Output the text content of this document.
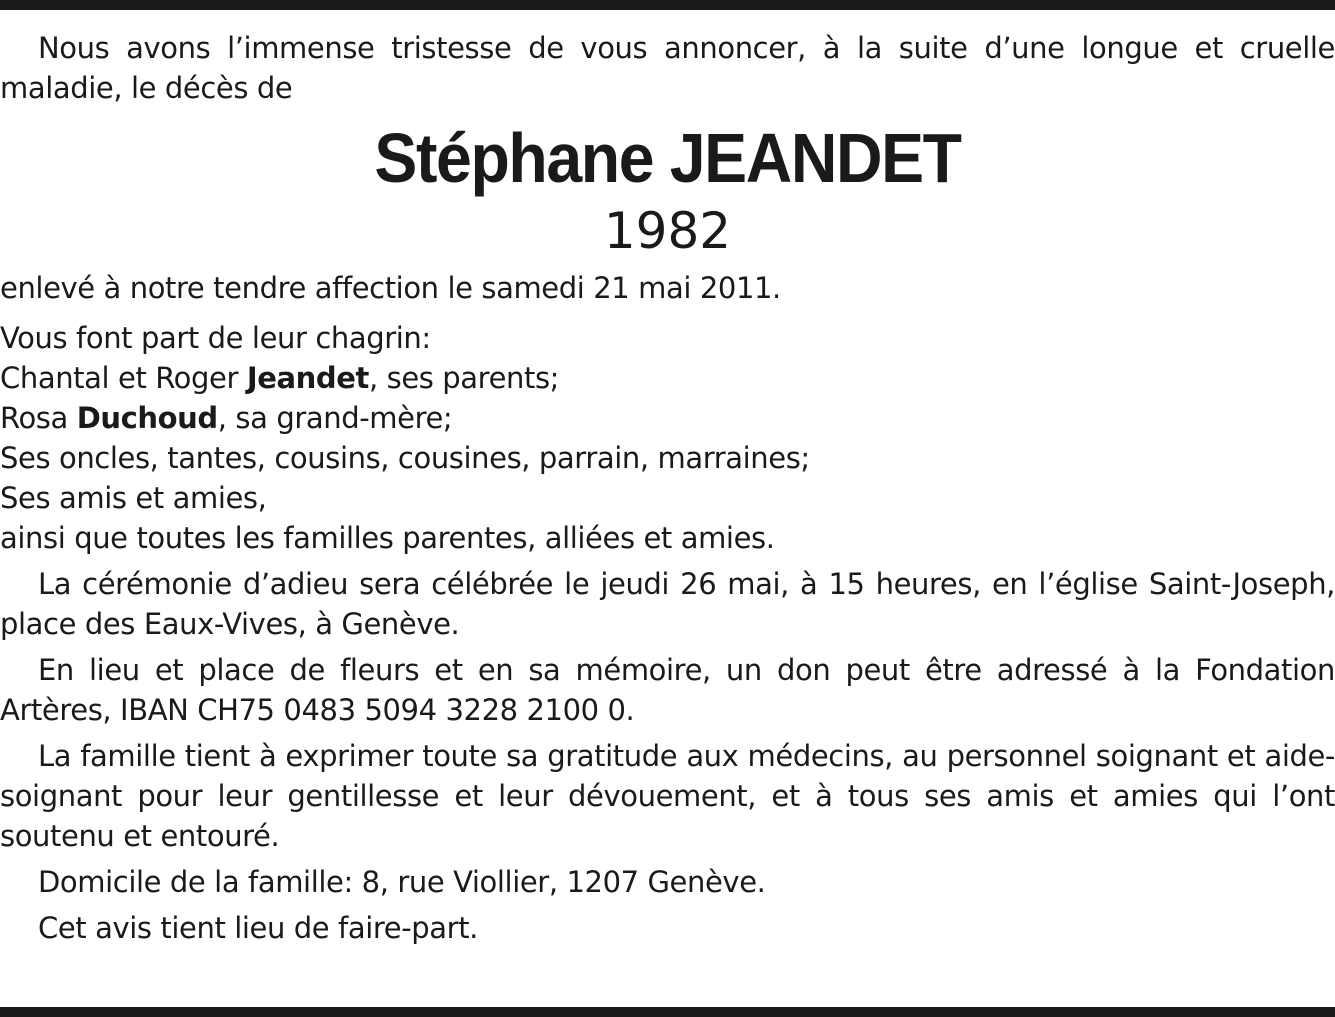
Nous avons l’immense tristesse de vous annoncer, à la suite d’une longue et cruelle maladie, le décès de

Stéphane JEANDET

1982

enlevé à notre tendre affection le samedi 21 mai 2011.

Vous font part de leur chagrin:

Chantal et Roger Jeandet, ses parents;

Rosa Duchoud, sa grand-mère;

Ses oncles, tantes, cousins, cousines, parrain, marraines;

Ses amis et amies,

ainsi que toutes les familles parentes, alliées et amies.

La cérémonie d’adieu sera célébrée le jeudi 26 mai, à 15 heures, en l’église Saint-Joseph, place des Eaux-Vives, à Genève.

En lieu et place de fleurs et en sa mémoire, un don peut être adressé à la Fondation Artères, IBAN CH75 0483 5094 3228 2100 0.

La famille tient à exprimer toute sa gratitude aux médecins, au personnel soignant et aide-soignant pour leur gentillesse et leur dévouement, et à tous ses amis et amies qui l’ont soutenu et entouré.

Domicile de la famille: 8, rue Viollier, 1207 Genève.

Cet avis tient lieu de faire-part.
